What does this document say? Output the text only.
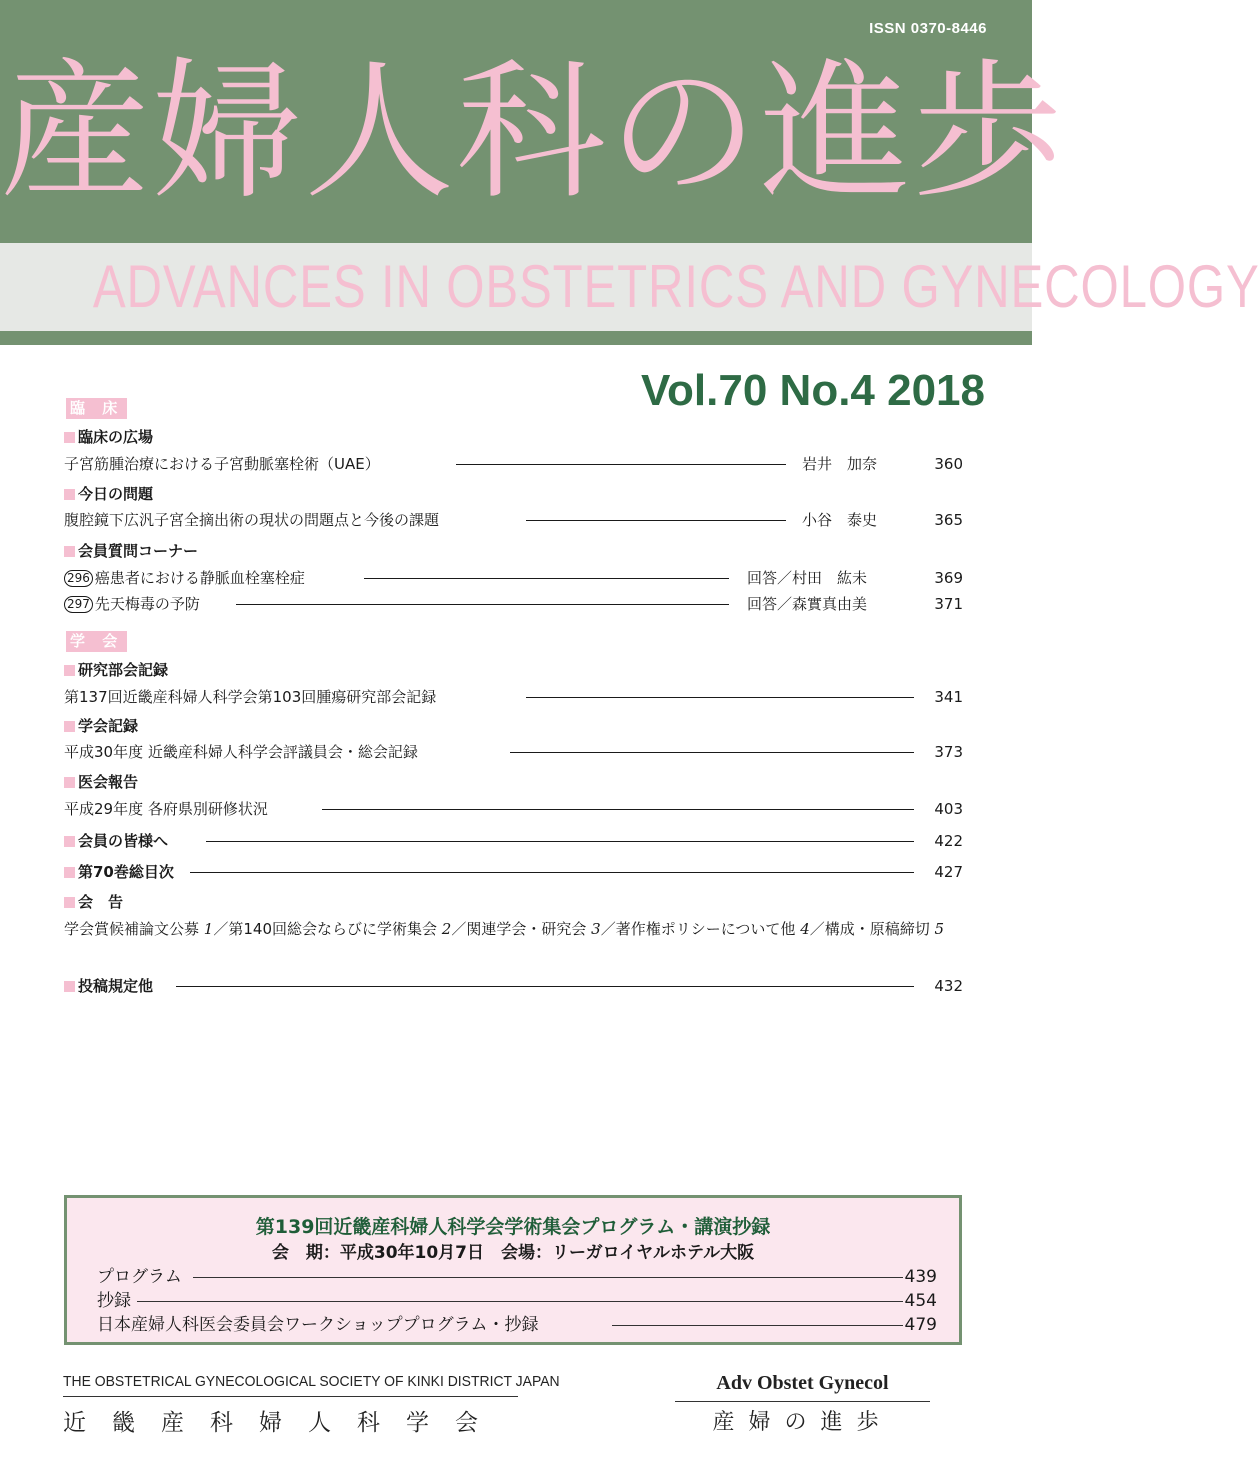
ISSN 0370-8446
産婦人科の進歩
ADVANCES IN OBSTETRICS AND GYNECOLOGY
Vol.70 No.4 2018
臨 床
臨床の広場
子宮筋腫治療における子宮動脈塞栓術（UAE）	岩井　加奈	360
今日の問題
腹腔鏡下広汎子宮全摘出術の現状の問題点と今後の課題	小谷　泰史	365
会員質問コーナー
296 癌患者における静脈血栓塞栓症	回答／村田　紘未	369
297 先天梅毒の予防	回答／森實真由美	371
学 会
研究部会記録
第137回近畿産科婦人科学会第103回腫瘍研究部会記録	341
学会記録
平成30年度 近畿産科婦人科学会評議員会・総会記録	373
医会報告
平成29年度 各府県別研修状況	403
会員の皆様へ	422
第70巻総目次	427
会　告
学会賞候補論文公募 1／第140回総会ならびに学術集会 2／関連学会・研究会 3／著作権ポリシーについて他 4／構成・原稿締切 5
投稿規定他	432
第139回近畿産科婦人科学会学術集会プログラム・講演抄録
会　期：平成30年10月7日　会場：リーガロイヤルホテル大阪
プログラム	439
抄録	454
日本産婦人科医会委員会ワークショッププログラム・抄録	479
THE OBSTETRICAL GYNECOLOGICAL SOCIETY OF KINKI DISTRICT JAPAN
近畿産科婦人科学会
Adv Obstet Gynecol
産婦の進歩
